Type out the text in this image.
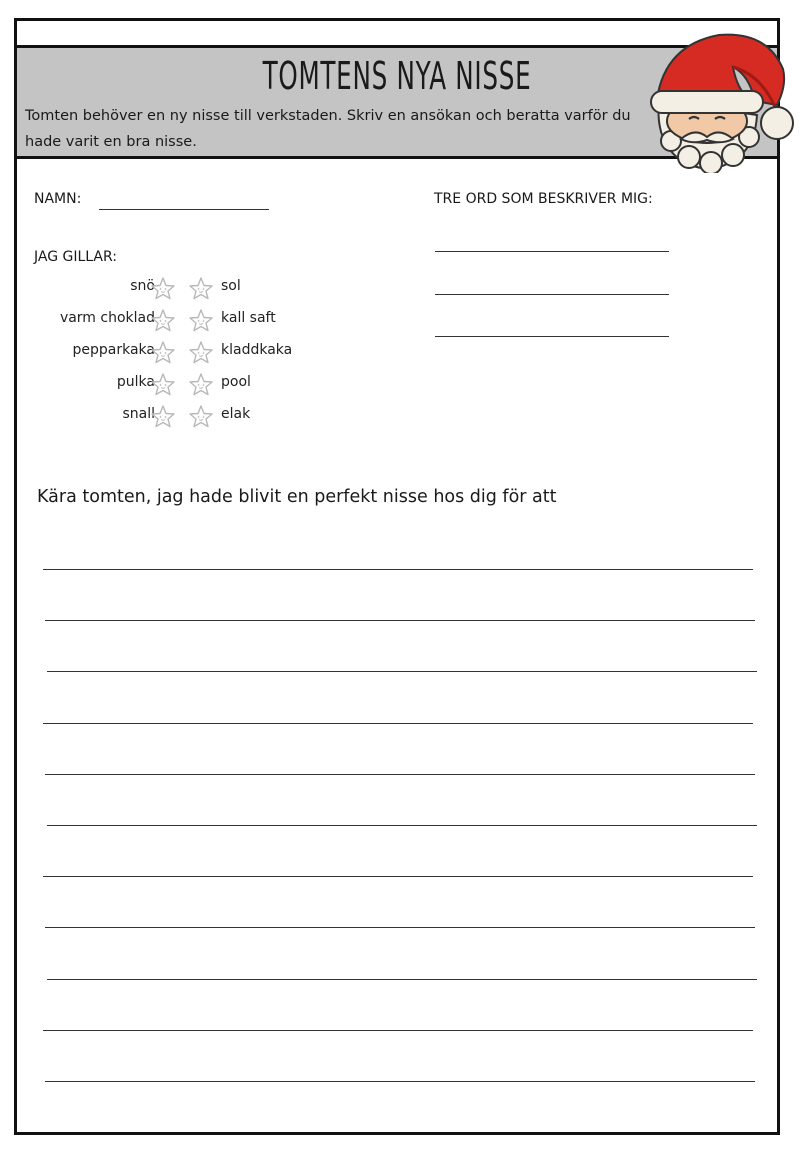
TOMTENS NYA NISSE

Tomten behöver en ny nisse till verkstaden. Skriv en ansökan och beratta varför du hade varit en bra nisse.

NAMN:	TRE ORD SOM BESKRIVER MIG:
JAG GILLAR:
snö	sol
varm choklad	kall saft
pepparkaka	kladdkaka
pulka	pool
snall	elak

Kära tomten, jag hade blivit en perfekt nisse hos dig för att
